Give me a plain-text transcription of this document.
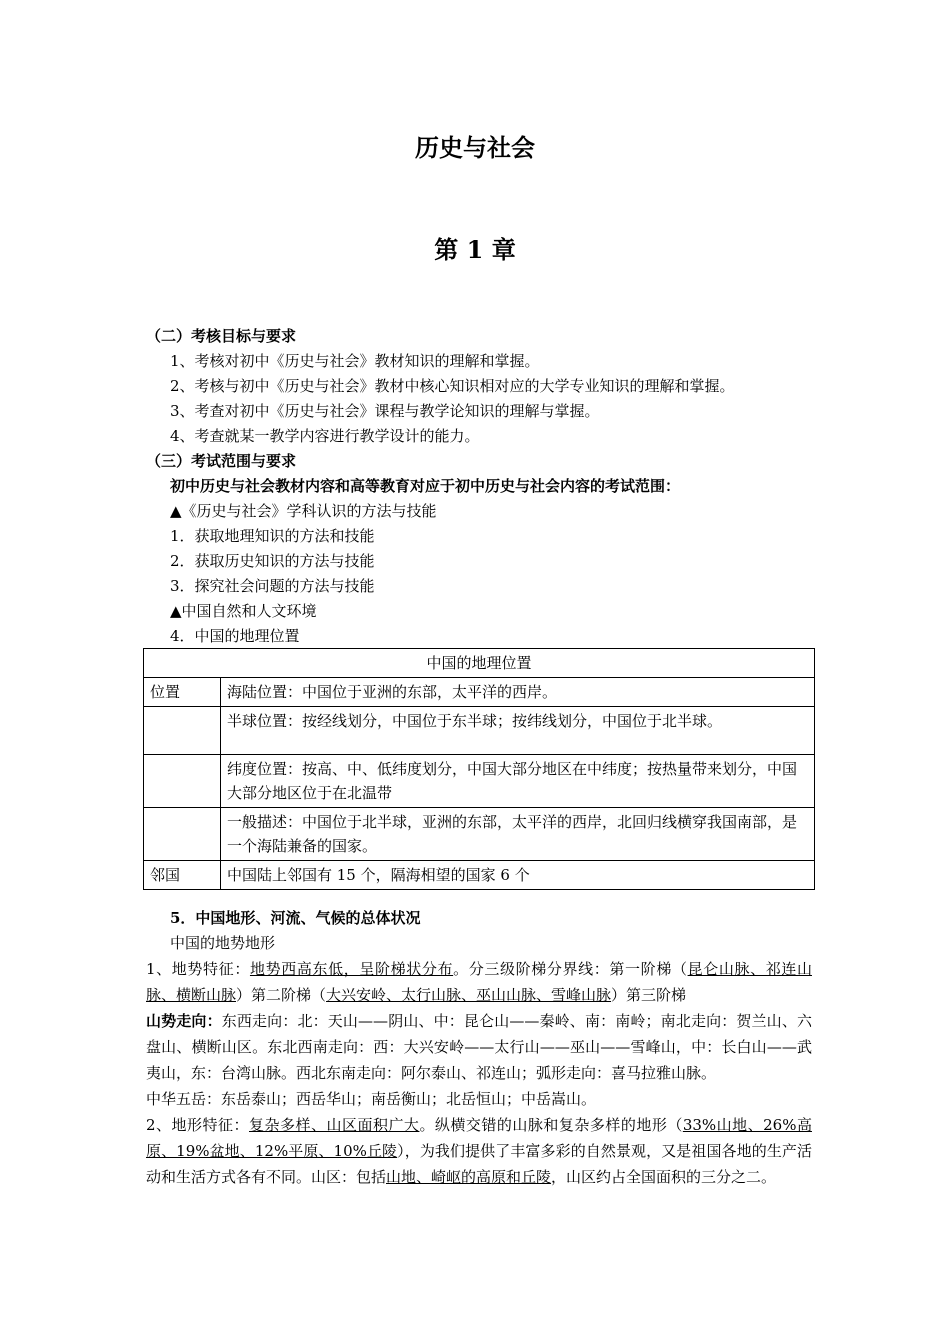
历史与社会
第 1 章
（二）考核目标与要求
1、考核对初中《历史与社会》教材知识的理解和掌握。
2、考核与初中《历史与社会》教材中核心知识相对应的大学专业知识的理解和掌握。
3、考查对初中《历史与社会》课程与教学论知识的理解与掌握。
4、考查就某一教学内容进行教学设计的能力。
（三）考试范围与要求
初中历史与社会教材内容和高等教育对应于初中历史与社会内容的考试范围：
▲《历史与社会》学科认识的方法与技能
1．获取地理知识的方法和技能
2．获取历史知识的方法与技能
3．探究社会问题的方法与技能
▲中国自然和人文环境
4．中国的地理位置
中国的地理位置	
位置	海陆位置：中国位于亚洲的东部，太平洋的西岸。
	半球位置：按经线划分，中国位于东半球；按纬线划分，中国位于北半球。
	纬度位置：按高、中、低纬度划分，中国大部分地区在中纬度；按热量带来划分，中国大部分地区位于在北温带
	一般描述：中国位于北半球，亚洲的东部，太平洋的西岸，北回归线横穿我国南部，是一个海陆兼备的国家。
邻国	中国陆上邻国有 15 个，隔海相望的国家 6 个
5．中国地形、河流、气候的总体状况
中国的地势地形
1、地势特征：地势西高东低，呈阶梯状分布。分三级阶梯分界线：第一阶梯（昆仑山脉、祁连山脉、横断山脉）第二阶梯（大兴安岭、太行山脉、巫山山脉、雪峰山脉）第三阶梯
山势走向：东西走向：北：天山——阴山、中：昆仑山——秦岭、南：南岭；南北走向：贺兰山、六盘山、横断山区。东北西南走向：西：大兴安岭——太行山——巫山——雪峰山，中：长白山——武夷山，东：台湾山脉。西北东南走向：阿尔泰山、祁连山；弧形走向：喜马拉雅山脉。
中华五岳：东岳泰山；西岳华山；南岳衡山；北岳恒山；中岳嵩山。
2、地形特征：复杂多样、山区面积广大。纵横交错的山脉和复杂多样的地形（33%山地、26%高原、19%盆地、12%平原、10%丘陵），为我们提供了丰富多彩的自然景观，又是祖国各地的生产活动和生活方式各有不同。山区：包括山地、崎岖的高原和丘陵，山区约占全国面积的三分之二。
